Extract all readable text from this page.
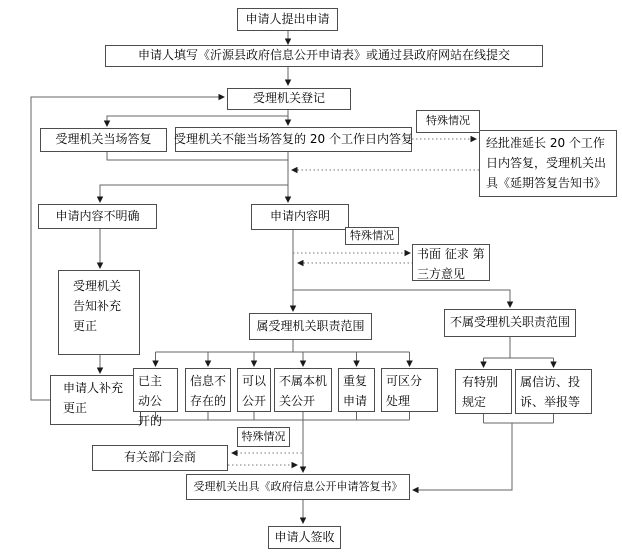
申请人提出申请
申请人填写《沂源县政府信息公开申请表》或通过县政府网站在线提交
受理机关登记
受理机关当场答复	受理机关不能当场答复的 20 个工作日内答复
特殊情况
经批准延长 20 个工作日内答复，受理机关出具《延期答复告知书》
申请内容不明确	申请内容明
特殊情况
书面 征求 第三方意见
受理机关告知补充更正
申请人补充更正
属受理机关职责范围	不属受理机关职责范围
已主动公开的
信息不存在的
可以公开
不属本机关公开
重复申请
可区分处理
有特别规定
属信访、投诉、举报等
有关部门会商
特殊情况
受理机关出具《政府信息公开申请答复书》
申请人签收
